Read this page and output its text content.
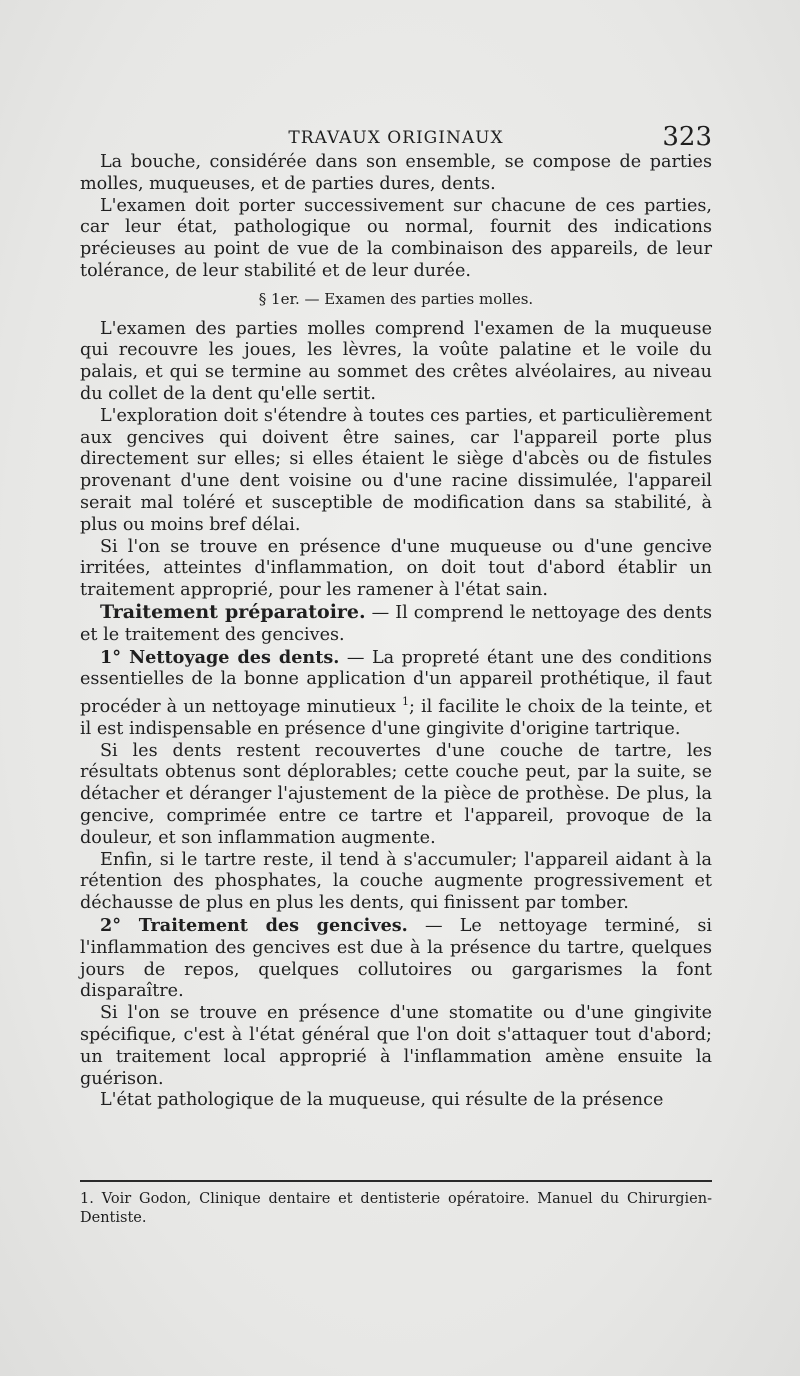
TRAVAUX ORIGINAUX	323

La bouche, considérée dans son ensemble, se compose de parties molles, muqueuses, et de parties dures, dents.

L'examen doit porter successivement sur chacune de ces parties, car leur état, pathologique ou normal, fournit des indications précieuses au point de vue de la combinaison des appareils, de leur tolérance, de leur stabilité et de leur durée.

§ 1er. — Examen des parties molles.

L'examen des parties molles comprend l'examen de la muqueuse qui recouvre les joues, les lèvres, la voûte palatine et le voile du palais, et qui se termine au sommet des crêtes alvéolaires, au niveau du collet de la dent qu'elle sertit.

L'exploration doit s'étendre à toutes ces parties, et particulièrement aux gencives qui doivent être saines, car l'appareil porte plus directement sur elles; si elles étaient le siège d'abcès ou de fistules provenant d'une dent voisine ou d'une racine dissimulée, l'appareil serait mal toléré et susceptible de modification dans sa stabilité, à plus ou moins bref délai.

Si l'on se trouve en présence d'une muqueuse ou d'une gencive irritées, atteintes d'inflammation, on doit tout d'abord établir un traitement approprié, pour les ramener à l'état sain.

Traitement préparatoire. — Il comprend le nettoyage des dents et le traitement des gencives.

1° Nettoyage des dents. — La propreté étant une des conditions essentielles de la bonne application d'un appareil prothétique, il faut procéder à un nettoyage minutieux $^1$; il facilite le choix de la teinte, et il est indispensable en présence d'une gingivite d'origine tartrique.

Si les dents restent recouvertes d'une couche de tartre, les résultats obtenus sont déplorables; cette couche peut, par la suite, se détacher et déranger l'ajustement de la pièce de prothèse. De plus, la gencive, comprimée entre ce tartre et l'appareil, provoque de la douleur, et son inflammation augmente.

Enfin, si le tartre reste, il tend à s'accumuler; l'appareil aidant à la rétention des phosphates, la couche augmente progressivement et déchausse de plus en plus les dents, qui finissent par tomber.

2° Traitement des gencives. — Le nettoyage terminé, si l'inflammation des gencives est due à la présence du tartre, quelques jours de repos, quelques collutoires ou gargarismes la font disparaître.

Si l'on se trouve en présence d'une stomatite ou d'une gingivite spécifique, c'est à l'état général que l'on doit s'attaquer tout d'abord; un traitement local approprié à l'inflammation amène ensuite la guérison.

L'état pathologique de la muqueuse, qui résulte de la présence

1. Voir Godon, Clinique dentaire et dentisterie opératoire. Manuel du Chirurgien-Dentiste.
